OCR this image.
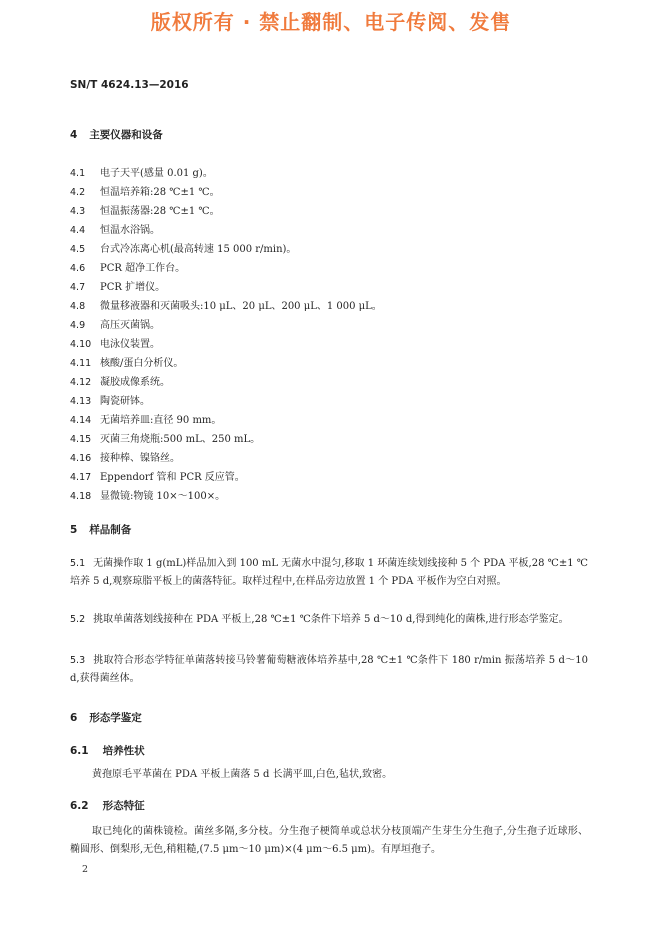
版权所有 · 禁止翻制、电子传阅、发售
SN/T 4624.13—2016
4 主要仪器和设备
4.1 电子天平(感量 0.01 g)。
4.2 恒温培养箱:28 ℃±1 ℃。
4.3 恒温振荡器:28 ℃±1 ℃。
4.4 恒温水浴锅。
4.5 台式冷冻离心机(最高转速 15 000 r/min)。
4.6 PCR 超净工作台。
4.7 PCR 扩增仪。
4.8 微量移液器和灭菌吸头:10 μL、20 μL、200 μL、1 000 μL。
4.9 高压灭菌锅。
4.10 电泳仪装置。
4.11 核酸/蛋白分析仪。
4.12 凝胶成像系统。
4.13 陶瓷研钵。
4.14 无菌培养皿:直径 90 mm。
4.15 灭菌三角烧瓶:500 mL、250 mL。
4.16 接种棒、镍铬丝。
4.17 Eppendorf 管和 PCR 反应管。
4.18 显微镜:物镜 10×～100×。
5 样品制备
5.1 无菌操作取 1 g(mL)样品加入到 100 mL 无菌水中混匀,移取 1 环菌连续划线接种 5 个 PDA 平板,28 ℃±1 ℃培养 5 d,观察琼脂平板上的菌落特征。取样过程中,在样品旁边放置 1 个 PDA 平板作为空白对照。
5.2 挑取单菌落划线接种在 PDA 平板上,28 ℃±1 ℃条件下培养 5 d～10 d,得到纯化的菌株,进行形态学鉴定。
5.3 挑取符合形态学特征单菌落转接马铃薯葡萄糖液体培养基中,28 ℃±1 ℃条件下 180 r/min 振荡培养 5 d～10 d,获得菌丝体。
6 形态学鉴定
6.1 培养性状
黄孢原毛平革菌在 PDA 平板上菌落 5 d 长满平皿,白色,毡状,致密。
6.2 形态特征
取已纯化的菌株镜检。菌丝多隔,多分枝。分生孢子梗简单或总状分枝顶端产生芽生分生孢子,分生孢子近球形、椭圆形、倒梨形,无色,稍粗糙,(7.5 μm～10 μm)×(4 μm～6.5 μm)。有厚垣孢子。
2
